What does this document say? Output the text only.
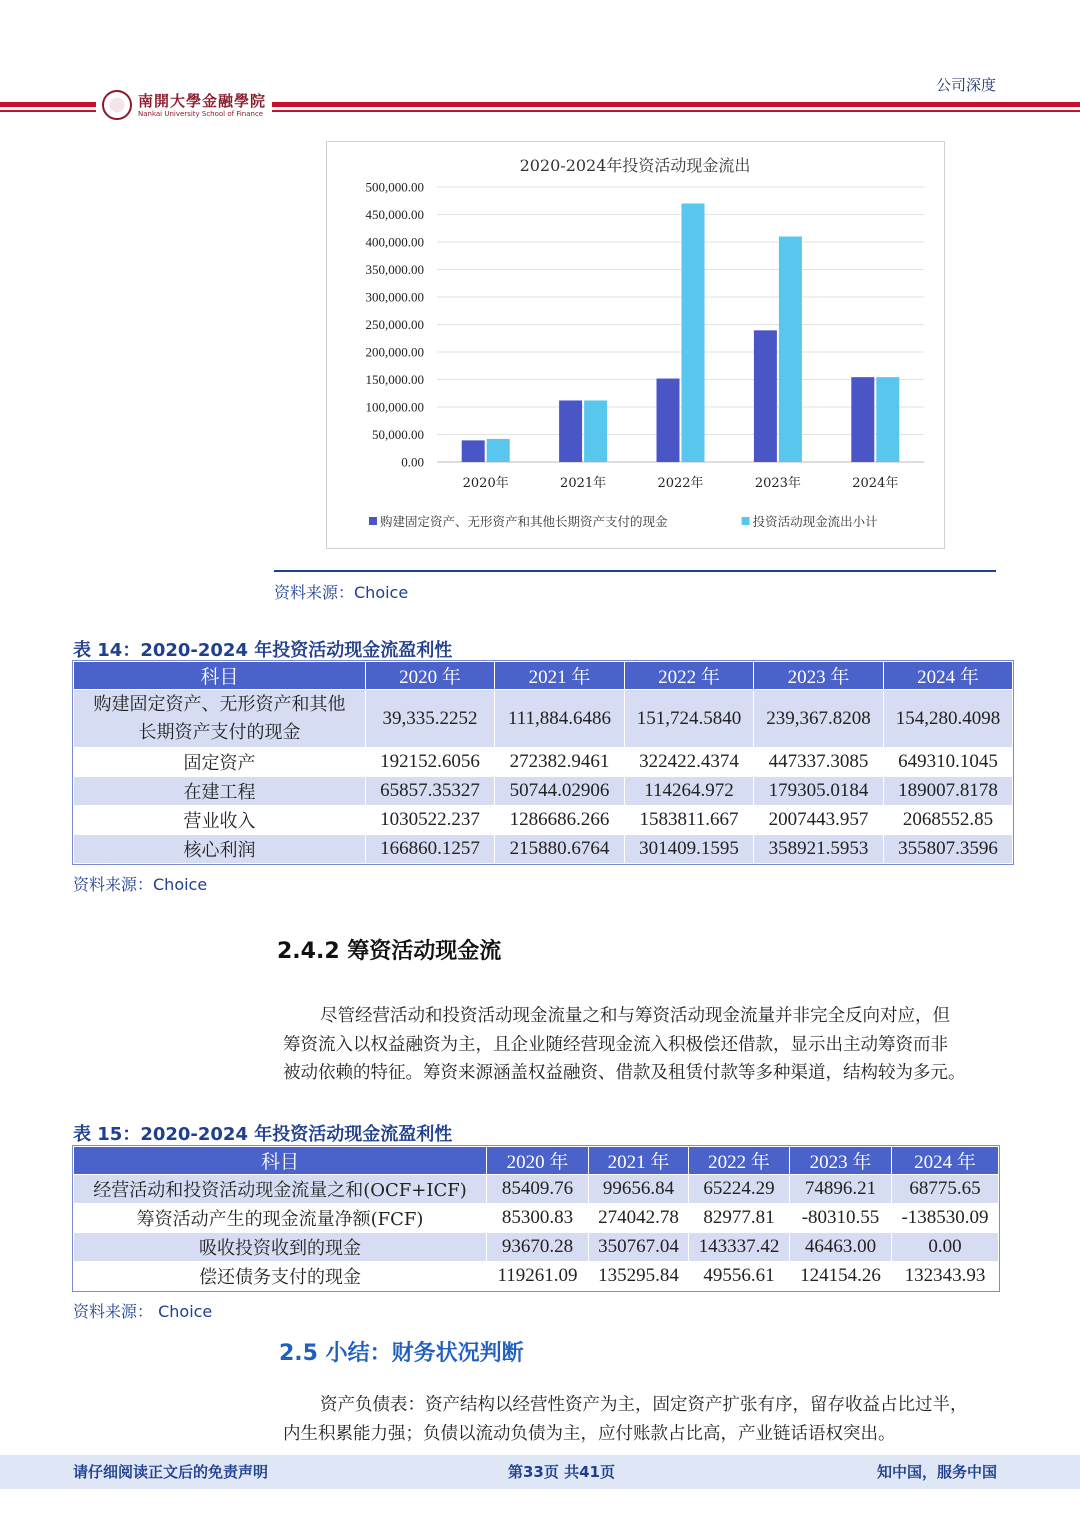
公司深度
南開大學金融學院
Nankai University School of Finance
2020-2024年投资活动现金流出
500,000.00
450,000.00
400,000.00
350,000.00
300,000.00
250,000.00
200,000.00
150,000.00
100,000.00
50,000.00
0.00
2020年	2021年	2022年	2023年	2024年
购建固定资产、无形资产和其他长期资产支付的现金	投资活动现金流出小计
资料来源：Choice
表 14：2020-2024 年投资活动现金流盈利性
科目	2020 年	2021 年	2022 年	2023 年	2024 年

购建固定资产、无形资产和其他
长期资产支付的现金	39,335.2252	111,884.6486	151,724.5840	239,367.8208	154,280.4098
固定资产	192152.6056	272382.9461	322422.4374	447337.3085	649310.1045
在建工程	65857.35327	50744.02906	114264.972	179305.0184	189007.8178
营业收入	1030522.237	1286686.266	1583811.667	2007443.957	2068552.85
核心利润	166860.1257	215880.6764	301409.1595	358921.5953	355807.3596
资料来源：Choice
2.4.2 筹资活动现金流
尽管经营活动和投资活动现金流量之和与筹资活动现金流量并非完全反向对应，但
筹资流入以权益融资为主，且企业随经营现金流入积极偿还借款，显示出主动筹资而非
被动依赖的特征。筹资来源涵盖权益融资、借款及租赁付款等多种渠道，结构较为多元。
表 15：2020-2024 年投资活动现金流盈利性
科目	2020 年	2021 年	2022 年	2023 年	2024 年
经营活动和投资活动现金流量之和(OCF+ICF)	85409.76	99656.84	65224.29	74896.21	68775.65
筹资活动产生的现金流量净额(FCF)	85300.83	274042.78	82977.81	-80310.55	-138530.09
吸收投资收到的现金	93670.28	350767.04	143337.42	46463.00	0.00
偿还债务支付的现金	119261.09	135295.84	49556.61	124154.26	132343.93
资料来源： Choice
2.5 小结：财务状况判断
资产负债表：资产结构以经营性资产为主，固定资产扩张有序，留存收益占比过半，
内生积累能力强；负债以流动负债为主，应付账款占比高，产业链话语权突出。
请仔细阅读正文后的免责声明	第33页 共41页	知中国，服务中国
